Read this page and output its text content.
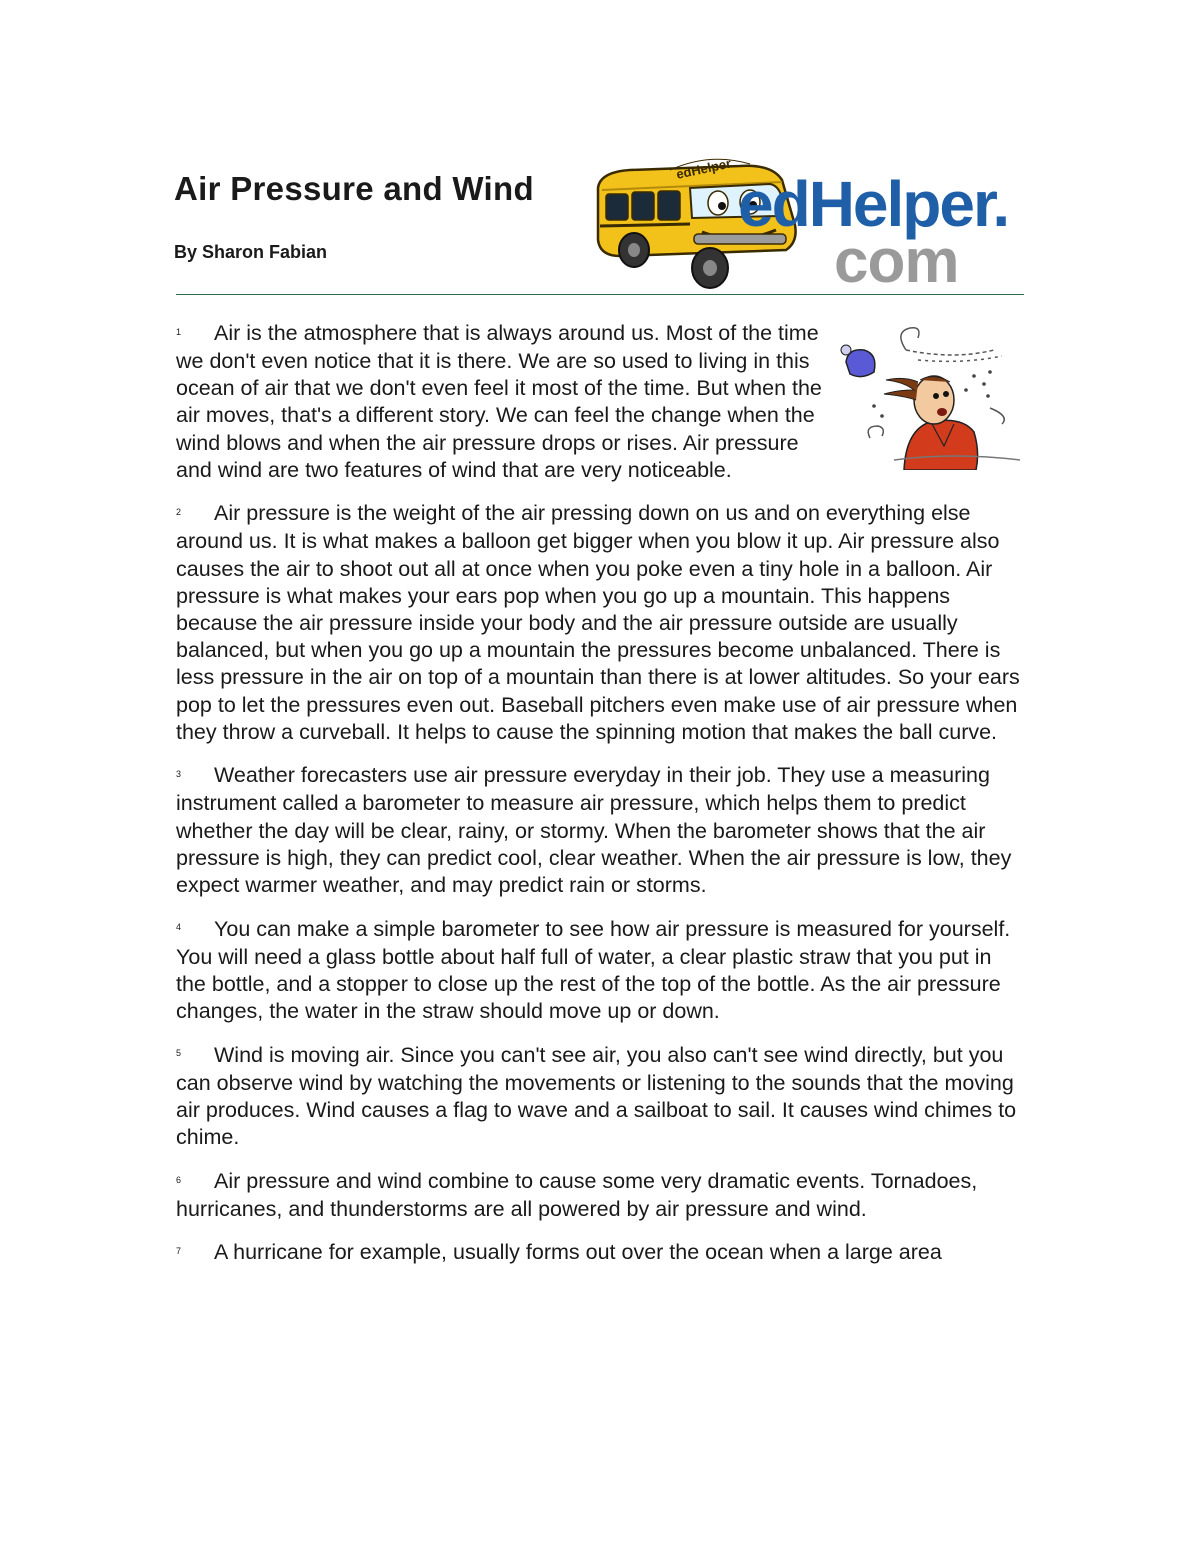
Air Pressure and Wind

By Sharon Fabian

edHelper edHelper.
com

1 Air is the atmosphere that is always around us. Most of the time we don't even notice that it is there. We are so used to living in this ocean of air that we don't even feel it most of the time. But when the air moves, that's a different story. We can feel the change when the wind blows and when the air pressure drops or rises. Air pressure and wind are two features of wind that are very noticeable.

2 Air pressure is the weight of the air pressing down on us and on everything else around us. It is what makes a balloon get bigger when you blow it up. Air pressure also causes the air to shoot out all at once when you poke even a tiny hole in a balloon. Air pressure is what makes your ears pop when you go up a mountain. This happens because the air pressure inside your body and the air pressure outside are usually balanced, but when you go up a mountain the pressures become unbalanced. There is less pressure in the air on top of a mountain than there is at lower altitudes. So your ears pop to let the pressures even out. Baseball pitchers even make use of air pressure when they throw a curveball. It helps to cause the spinning motion that makes the ball curve.

3 Weather forecasters use air pressure everyday in their job. They use a measuring instrument called a barometer to measure air pressure, which helps them to predict whether the day will be clear, rainy, or stormy. When the barometer shows that the air pressure is high, they can predict cool, clear weather. When the air pressure is low, they expect warmer weather, and may predict rain or storms.

4 You can make a simple barometer to see how air pressure is measured for yourself. You will need a glass bottle about half full of water, a clear plastic straw that you put in the bottle, and a stopper to close up the rest of the top of the bottle. As the air pressure changes, the water in the straw should move up or down.

5 Wind is moving air. Since you can't see air, you also can't see wind directly, but you can observe wind by watching the movements or listening to the sounds that the moving air produces. Wind causes a flag to wave and a sailboat to sail. It causes wind chimes to chime.

6 Air pressure and wind combine to cause some very dramatic events. Tornadoes, hurricanes, and thunderstorms are all powered by air pressure and wind.

7 A hurricane for example, usually forms out over the ocean when a large area
